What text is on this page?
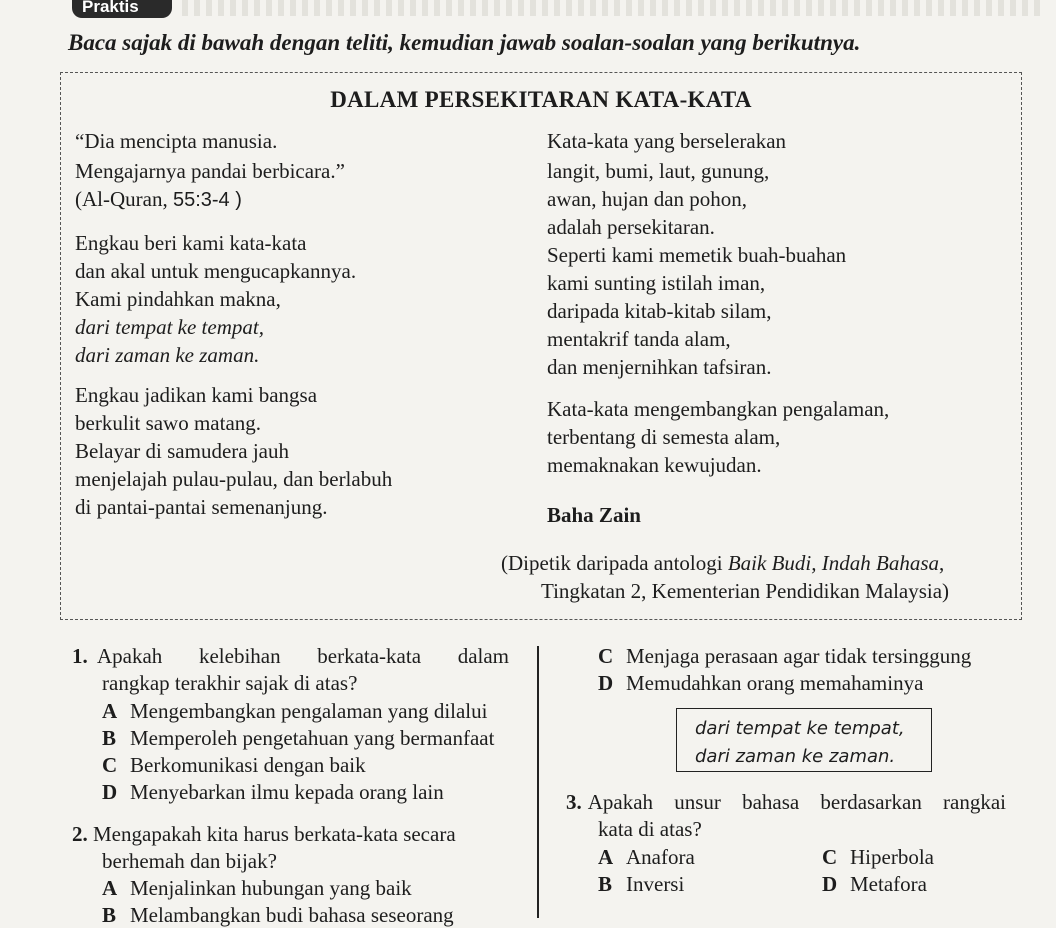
Praktis
Baca sajak di bawah dengan teliti, kemudian jawab soalan-soalan yang berikutnya.
DALAM PERSEKITARAN KATA-KATA
“Dia mencipta manusia.
Mengajarnya pandai berbicara.”
(Al-Quran, 55:3-4 )
Engkau beri kami kata-kata
dan akal untuk mengucapkannya.
Kami pindahkan makna,
dari tempat ke tempat,
dari zaman ke zaman.
Engkau jadikan kami bangsa
berkulit sawo matang.
Belayar di samudera jauh
menjelajah pulau-pulau, dan berlabuh
di pantai-pantai semenanjung.
Kata-kata yang berselerakan
langit, bumi, laut, gunung,
awan, hujan dan pohon,
adalah persekitaran.
Seperti kami memetik buah-buahan
kami sunting istilah iman,
daripada kitab-kitab silam,
mentakrif tanda alam,
dan menjernihkan tafsiran.
Kata-kata mengembangkan pengalaman,
terbentang di semesta alam,
memaknakan kewujudan.
Baha Zain
(Dipetik daripada antologi Baik Budi, Indah Bahasa,
Tingkatan 2, Kementerian Pendidikan Malaysia)
1. Apakah kelebihan berkata-kata dalam
rangkap terakhir sajak di atas?
A Mengembangkan pengalaman yang dilalui
B Memperoleh pengetahuan yang bermanfaat
C Berkomunikasi dengan baik
D Menyebarkan ilmu kepada orang lain
2. Mengapakah kita harus berkata-kata secara
berhemah dan bijak?
A Menjalinkan hubungan yang baik
B Melambangkan budi bahasa seseorang
C Menjaga perasaan agar tidak tersinggung
D Memudahkan orang memahaminya
dari tempat ke tempat,
dari zaman ke zaman.
3. Apakah unsur bahasa berdasarkan rangkai
kata di atas?
A Anafora	C Hiperbola
B Inversi	D Metafora
